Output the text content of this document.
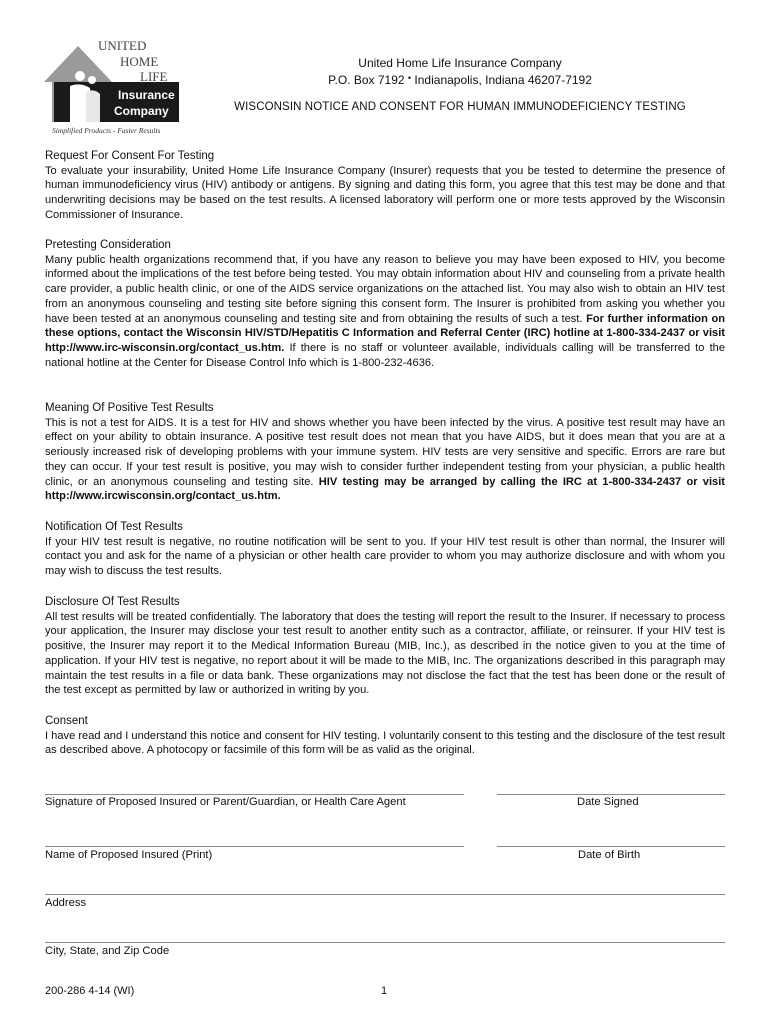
UNITED
HOME
LIFE
Insurance
Company
Simplified Products - Faster Results
United Home Life Insurance Company
P.O. Box 7192 • Indianapolis, Indiana 46207-7192
WISCONSIN NOTICE AND CONSENT FOR HUMAN IMMUNODEFICIENCY TESTING
Request For Consent For Testing

To evaluate your insurability, United Home Life Insurance Company (Insurer) requests that you be tested to determine the presence of human immunodeficiency virus (HIV) antibody or antigens. By signing and dating this form, you agree that this test may be done and that underwriting decisions may be based on the test results. A licensed laboratory will perform one or more tests approved by the Wisconsin Commissioner of Insurance.

Pretesting Consideration

Many public health organizations recommend that, if you have any reason to believe you may have been exposed to HIV, you become informed about the implications of the test before being tested. You may obtain information about HIV and counseling from a private health care provider, a public health clinic, or one of the AIDS service organizations on the attached list. You may also wish to obtain an HIV test from an anonymous counseling and testing site before signing this consent form. The Insurer is prohibited from asking you whether you have been tested at an anonymous counseling and testing site and from obtaining the results of such a test. For further information on these options, contact the Wisconsin HIV/STD/Hepatitis C Information and Referral Center (IRC) hotline at 1-800-334-2437 or visit http://www.irc-wisconsin.org/contact_us.htm. If there is no staff or volunteer available, individuals calling will be transferred to the national hotline at the Center for Disease Control Info which is 1-800-232-4636.

Meaning Of Positive Test Results

This is not a test for AIDS. It is a test for HIV and shows whether you have been infected by the virus. A positive test result may have an effect on your ability to obtain insurance. A positive test result does not mean that you have AIDS, but it does mean that you are at a seriously increased risk of developing problems with your immune system. HIV tests are very sensitive and specific. Errors are rare but they can occur. If your test result is positive, you may wish to consider further independent testing from your physician, a public health clinic, or an anonymous counseling and testing site. HIV testing may be arranged by calling the IRC at 1-800-334-2437 or visit http://www.ircwisconsin.org/contact_us.htm.

Notification Of Test Results

If your HIV test result is negative, no routine notification will be sent to you. If your HIV test result is other than normal, the Insurer will contact you and ask for the name of a physician or other health care provider to whom you may authorize disclosure and with whom you may wish to discuss the test results.

Disclosure Of Test Results

All test results will be treated confidentially. The laboratory that does the testing will report the result to the Insurer. If necessary to process your application, the Insurer may disclose your test result to another entity such as a contractor, affiliate, or reinsurer. If your HIV test is positive, the Insurer may report it to the Medical Information Bureau (MIB, Inc.), as described in the notice given to you at the time of application. If your HIV test is negative, no report about it will be made to the MIB, Inc. The organizations described in this paragraph may maintain the test results in a file or data bank. These organizations may not disclose the fact that the test has been done or the result of the test except as permitted by law or authorized in writing by you.

Consent

I have read and I understand this notice and consent for HIV testing. I voluntarily consent to this testing and the disclosure of the test result as described above. A photocopy or facsimile of this form will be as valid as the original.

Signature of Proposed Insured or Parent/Guardian, or Health Care Agent	Date Signed
Name of Proposed Insured (Print)	Date of Birth
Address
City, State, and Zip Code
200-286 4-14 (WI)	1
